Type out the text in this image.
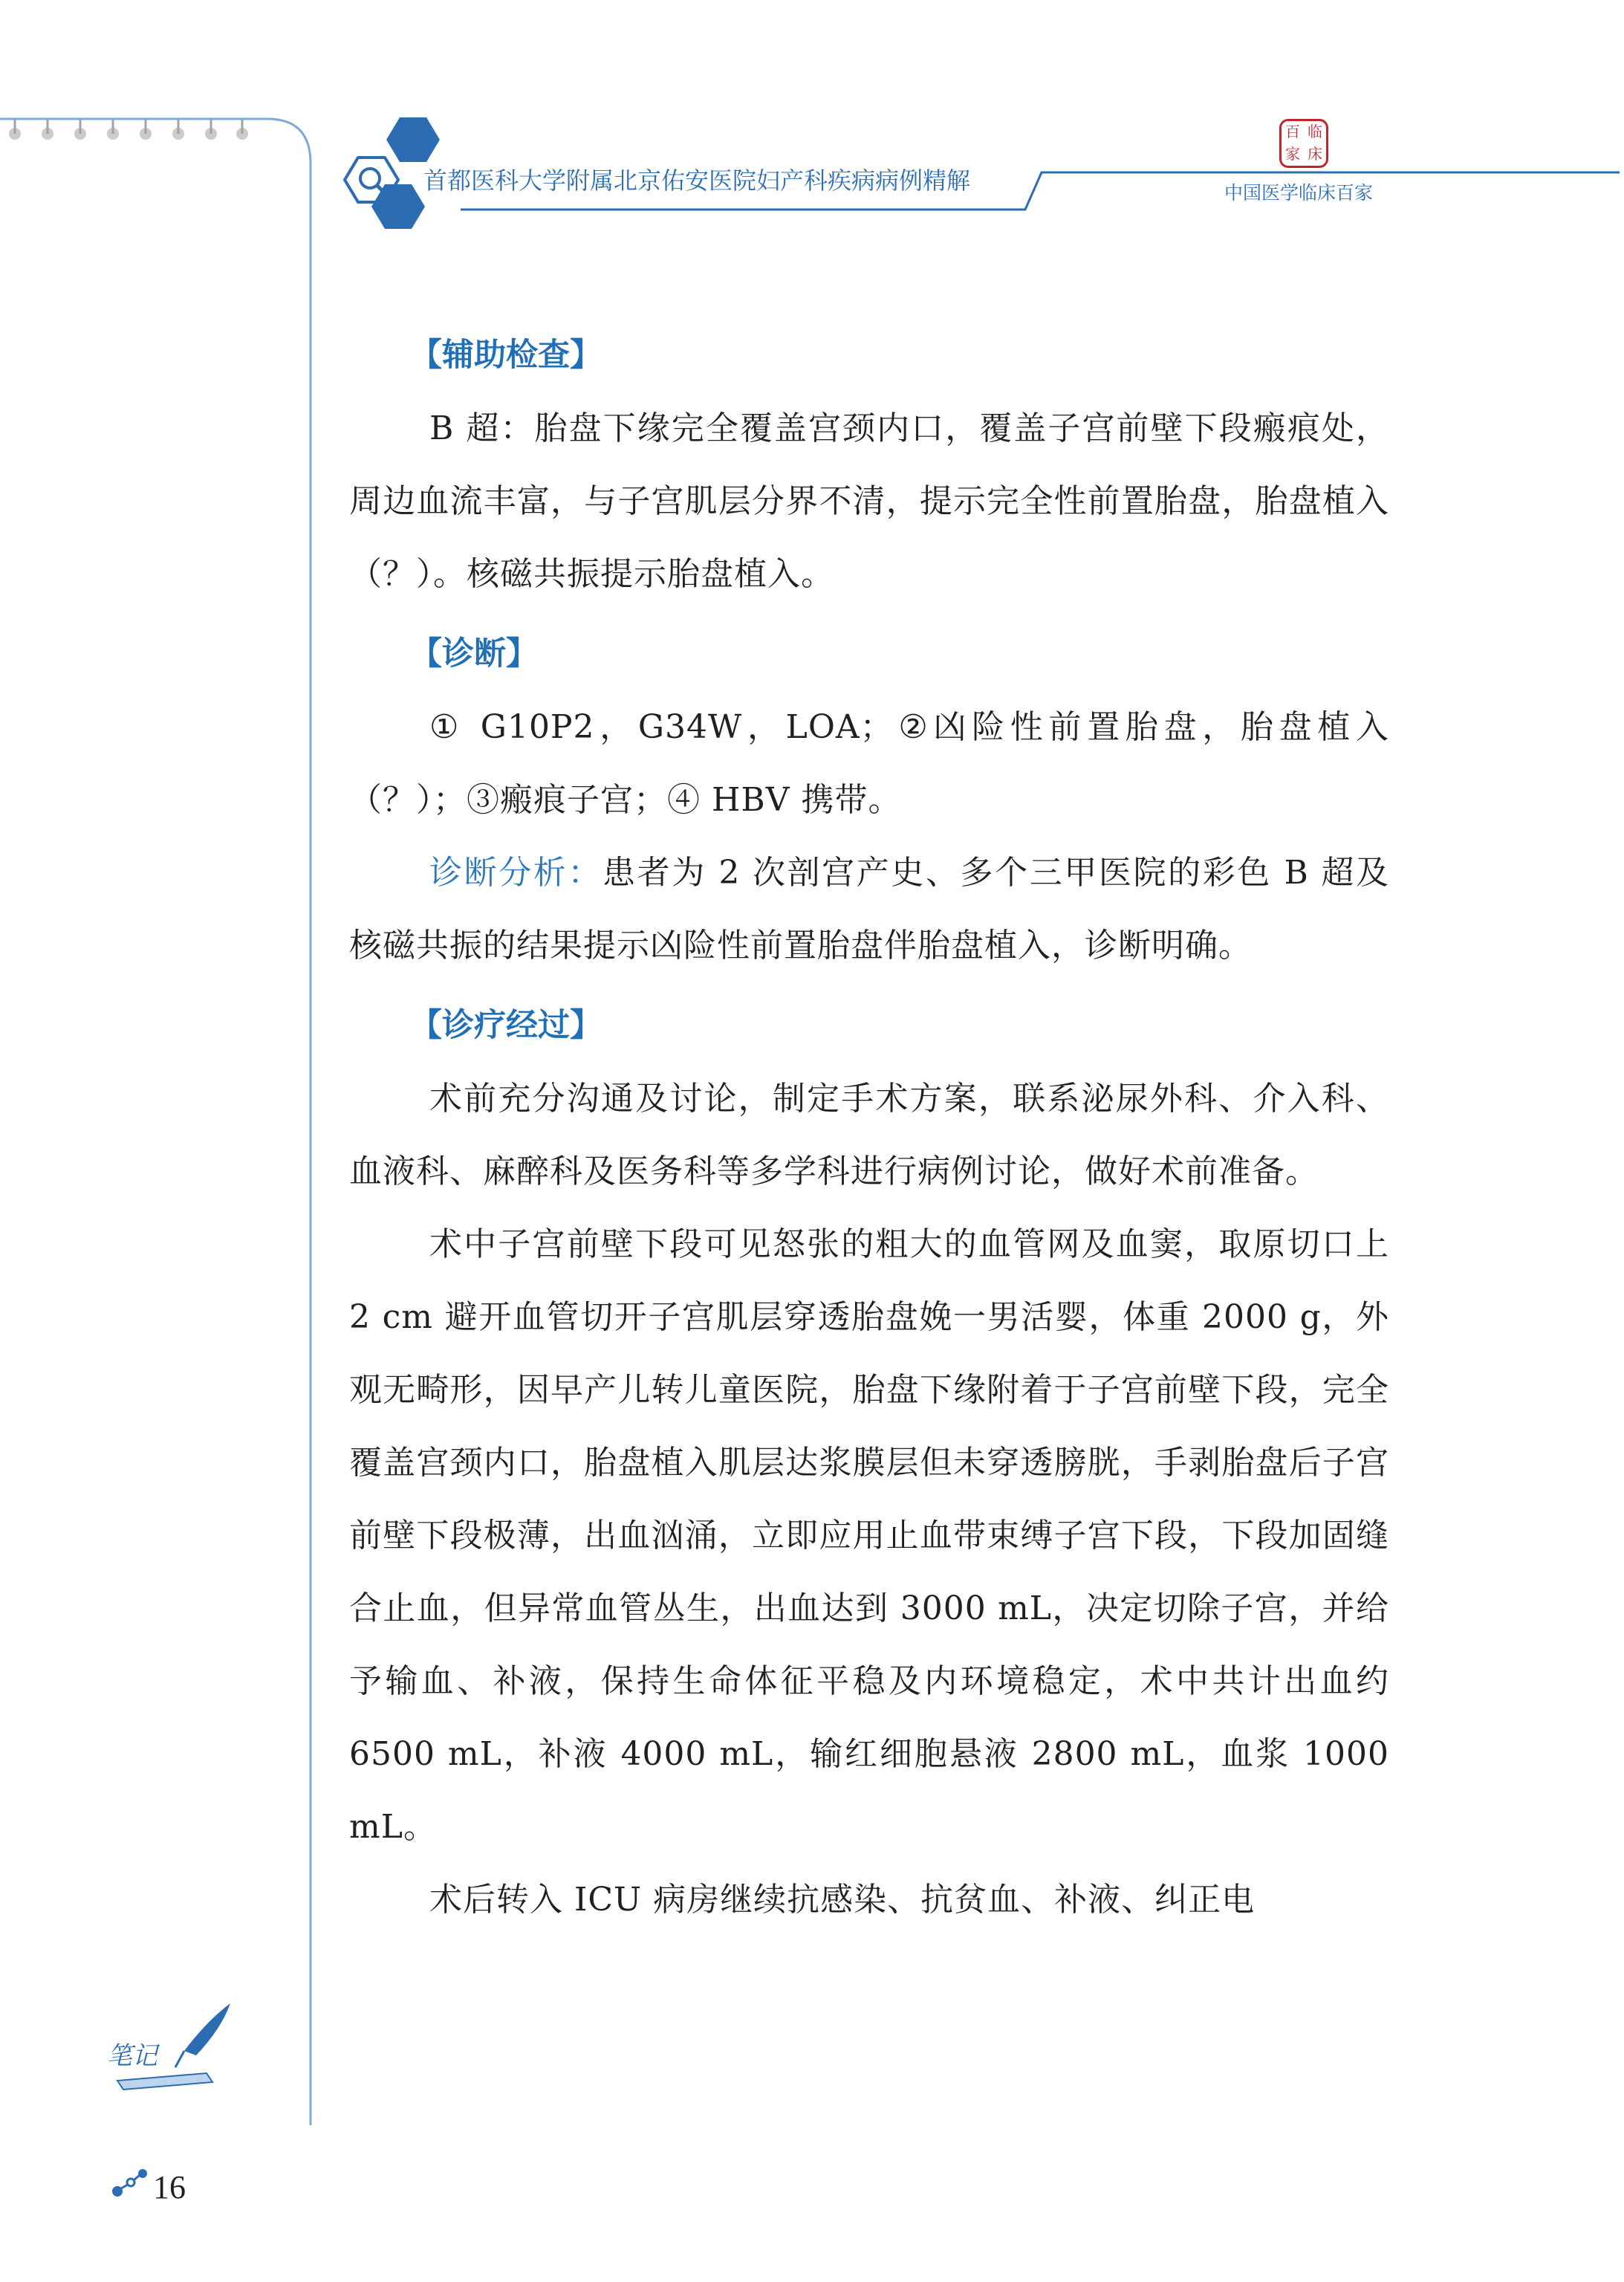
首都医科大学附属北京佑安医院妇产科疾病病例精解
百 临
家 床
中国医学临床百家
【辅助检查】

B 超：胎盘下缘完全覆盖宫颈内口，覆盖子宫前壁下段瘢痕处，周边血流丰富，与子宫肌层分界不清，提示完全性前置胎盘，胎盘植入（？）。核磁共振提示胎盘植入。

【诊断】

① G10P2，G34W，LOA；②凶险性前置胎盘，胎盘植入（？）；③瘢痕子宫；④ HBV 携带。

诊断分析：患者为 2 次剖宫产史、多个三甲医院的彩色 B 超及核磁共振的结果提示凶险性前置胎盘伴胎盘植入，诊断明确。

【诊疗经过】

术前充分沟通及讨论，制定手术方案，联系泌尿外科、介入科、血液科、麻醉科及医务科等多学科进行病例讨论，做好术前准备。

术中子宫前壁下段可见怒张的粗大的血管网及血窦，取原切口上 2 cm 避开血管切开子宫肌层穿透胎盘娩一男活婴，体重 2000 g，外观无畸形，因早产儿转儿童医院，胎盘下缘附着于子宫前壁下段，完全覆盖宫颈内口，胎盘植入肌层达浆膜层但未穿透膀胱，手剥胎盘后子宫前壁下段极薄，出血汹涌，立即应用止血带束缚子宫下段，下段加固缝合止血，但异常血管丛生，出血达到 3000 mL，决定切除子宫，并给予输血、补液，保持生命体征平稳及内环境稳定，术中共计出血约 6500 mL，补液 4000 mL，输红细胞悬液 2800 mL，血浆 1000 mL。

术后转入 ICU 病房继续抗感染、抗贫血、补液、纠正电

笔记
16
